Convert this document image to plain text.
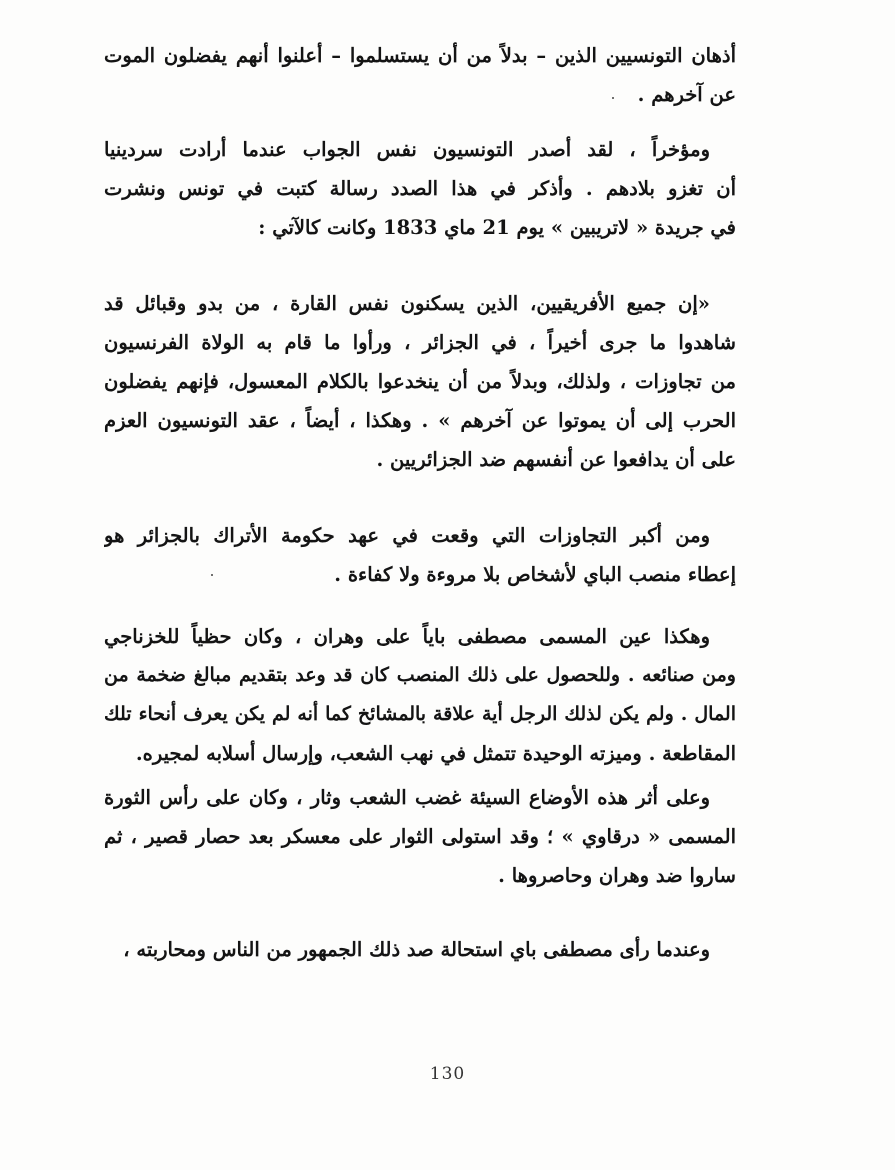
أذهان التونسيين الذين – بدلاً من أن يستسلموا – أعلنوا أنهم يفضلون الموت
عن آخرهم .
ومؤخراً ، لقد أصدر التونسيون نفس الجواب عندما أرادت سردينيا
أن تغزو بلادهم . وأذكر في هذا الصدد رسالة كتبت في تونس ونشرت
في جريدة « لاتريبين » يوم 21 ماي 1833 وكانت كالآتي :
«إن جميع الأفريقيين، الذين يسكنون نفس القارة ، من بدو وقبائل قد
شاهدوا ما جرى أخيراً ، في الجزائر ، ورأوا ما قام به الولاة الفرنسيون
من تجاوزات ، ولذلك، وبدلاً من أن ينخدعوا بالكلام المعسول، فإنهم يفضلون
الحرب إلى أن يموتوا عن آخرهم » . وهكذا ، أيضاً ، عقد التونسيون العزم
على أن يدافعوا عن أنفسهم ضد الجزائريين .
ومن أكبر التجاوزات التي وقعت في عهد حكومة الأتراك بالجزائر هو
إعطاء منصب الباي لأشخاص بلا مروءة ولا كفاءة .
وهكذا عين المسمى مصطفى باياً على وهران ، وكان حظياً للخزناجي
ومن صنائعه . وللحصول على ذلك المنصب كان قد وعد بتقديم مبالغ ضخمة من
المال . ولم يكن لذلك الرجل أية علاقة بالمشائخ كما أنه لم يكن يعرف أنحاء تلك
المقاطعة . وميزته الوحيدة تتمثل في نهب الشعب، وإرسال أسلابه لمجيره.
وعلى أثر هذه الأوضاع السيئة غضب الشعب وثار ، وكان على رأس الثورة
المسمى « درقاوي » ؛ وقد استولى الثوار على معسكر بعد حصار قصير ، ثم
ساروا ضد وهران وحاصروها .
وعندما رأى مصطفى باي استحالة صد ذلك الجمهور من الناس ومحاربته ،
130
